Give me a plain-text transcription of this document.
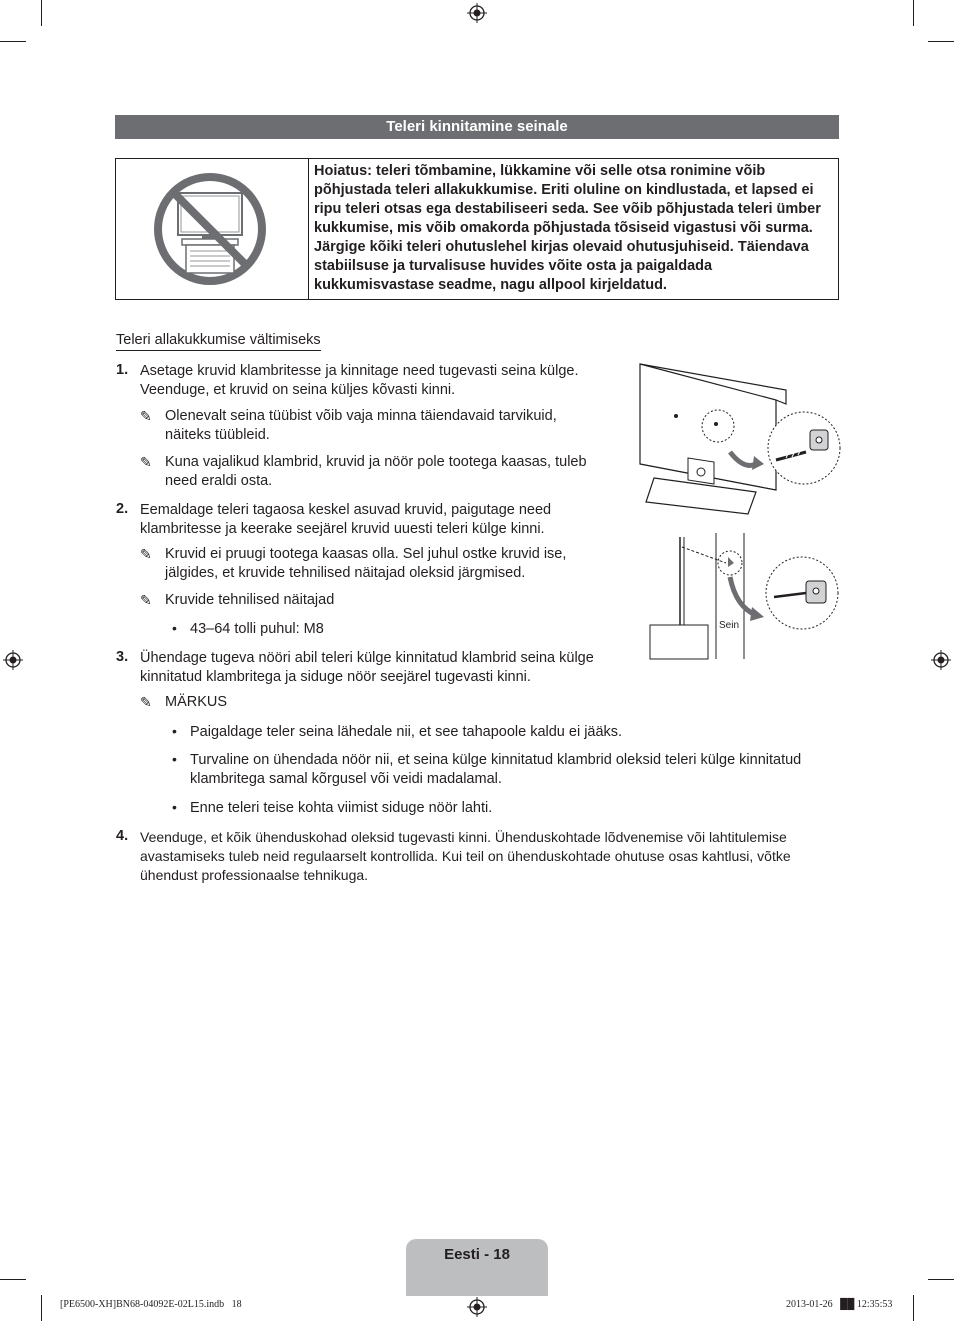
Teleri kinnitamine seinale
Hoiatus: teleri tõmbamine, lükkamine või selle otsa ronimine võib põhjustada teleri allakukkumise. Eriti oluline on kindlustada, et lapsed ei ripu teleri otsas ega destabiliseeri seda. See võib põhjustada teleri ümber kukkumise, mis võib omakorda põhjustada tõsiseid vigastusi või surma. Järgige kõiki teleri ohutuslehel kirjas olevaid ohutusjuhiseid. Täiendava stabiilsuse ja turvalisuse huvides võite osta ja paigaldada kukkumisvastase seadme, nagu allpool kirjeldatud.
Teleri allakukkumise vältimiseks
1. Asetage kruvid klambritesse ja kinnitage need tugevasti seina külge. Veenduge, et kruvid on seina küljes kõvasti kinni.
✎ Olenevalt seina tüübist võib vaja minna täiendavaid tarvikuid, näiteks tüübleid.
✎ Kuna vajalikud klambrid, kruvid ja nöör pole tootega kaasas, tuleb need eraldi osta.
2. Eemaldage teleri tagaosa keskel asuvad kruvid, paigutage need klambritesse ja keerake seejärel kruvid uuesti teleri külge kinni.
✎ Kruvid ei pruugi tootega kaasas olla. Sel juhul ostke kruvid ise, jälgides, et kruvide tehnilised näitajad oleksid järgmised.
✎ Kruvide tehnilised näitajad
• 43–64 tolli puhul: M8
3. Ühendage tugeva nööri abil teleri külge kinnitatud klambrid seina külge kinnitatud klambritega ja siduge nöör seejärel tugevasti kinni.
✎ MÄRKUS
• Paigaldage teler seina lähedale nii, et see tahapoole kaldu ei jääks.
• Turvaline on ühendada nöör nii, et seina külge kinnitatud klambrid oleksid teleri külge kinnitatud klambritega samal kõrgusel või veidi madalamal.
• Enne teleri teise kohta viimist siduge nöör lahti.
4. Veenduge, et kõik ühenduskohad oleksid tugevasti kinni. Ühenduskohtade lõdvenemise või lahtitulemise avastamiseks tuleb neid regulaarselt kontrollida. Kui teil on ühenduskohtade ohutuse osas kahtlusi, võtke ühendust professionaalse tehnikuga.
Sein
Eesti - 18
[PE6500-XH]BN68-04092E-02L15.indb   18	2013-01-26   ██ 12:35:53
